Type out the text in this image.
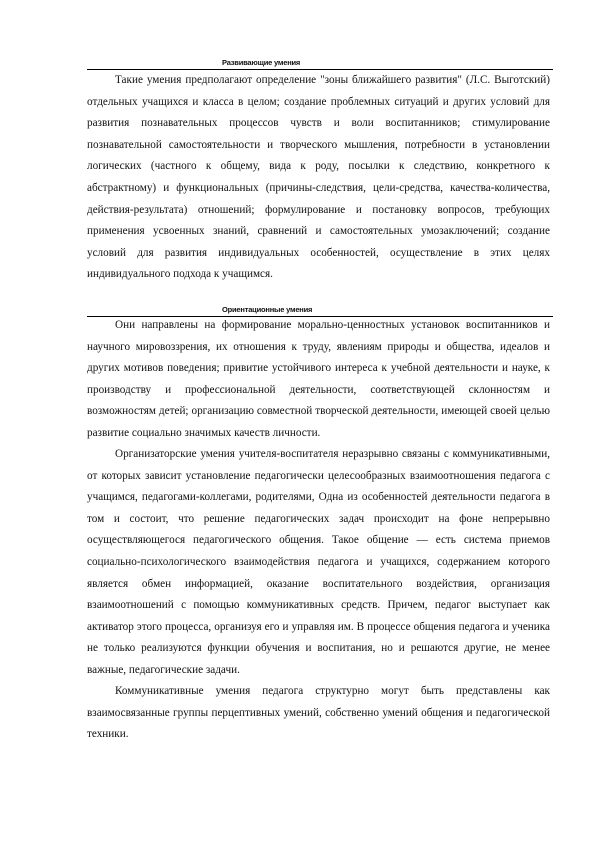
Развивающие умения

Такие умения предполагают определение "зоны ближайшего развития" (Л.С. Выготский) отдельных учащихся и класса в целом; создание проблемных ситуаций и других условий для развития познавательных процессов чувств и воли воспитанников; стимулирование познавательной самостоятельности и творческого мышления, потребности в установлении логических (частного к общему, вида к роду, посылки к следствию, конкретного к абстрактному) и функциональных (причины-следствия, цели-средства, качества-количества, действия-результата) отношений; формулирование и постановку вопросов, требующих применения усвоенных знаний, сравнений и самостоятельных умозаключений; создание условий для развития индивидуальных особенностей, осуществление в этих целях индивидуального подхода к учащимся.

Ориентационные умения

Они направлены на формирование морально-ценностных установок воспитанников и научного мировоззрения, их отношения к труду, явлениям природы и общества, идеалов и других мотивов поведения; привитие устойчивого интереса к учебной деятельности и науке, к производству и профессиональной деятельности, соответствующей склонностям и возможностям детей; организацию совместной творческой деятельности, имеющей своей целью развитие социально значимых качеств личности.

Организаторские умения учителя-воспитателя неразрывно связаны с коммуникативными, от которых зависит установление педагогически целесообразных взаимоотношения педагога с учащимся, педагогами-коллегами, родителями, Одна из особенностей деятельности педагога в том и состоит, что решение педагогических задач происходит на фоне непрерывно осуществляющегося педагогического общения. Такое общение — есть система приемов социально-психологического взаимодействия педагога и учащихся, содержанием которого является обмен информацией, оказание воспитательного воздействия, организация взаимоотношений с помощью коммуникативных средств. Причем, педагог выступает как активатор этого процесса, организуя его и управляя им. В процессе общения педагога и ученика не только реализуются функции обучения и воспитания, но и решаются другие, не менее важные, педагогические задачи.

Коммуникативные умения педагога структурно могут быть представлены как взаимосвязанные группы перцептивных умений, собственно умений общения и педагогической техники.
